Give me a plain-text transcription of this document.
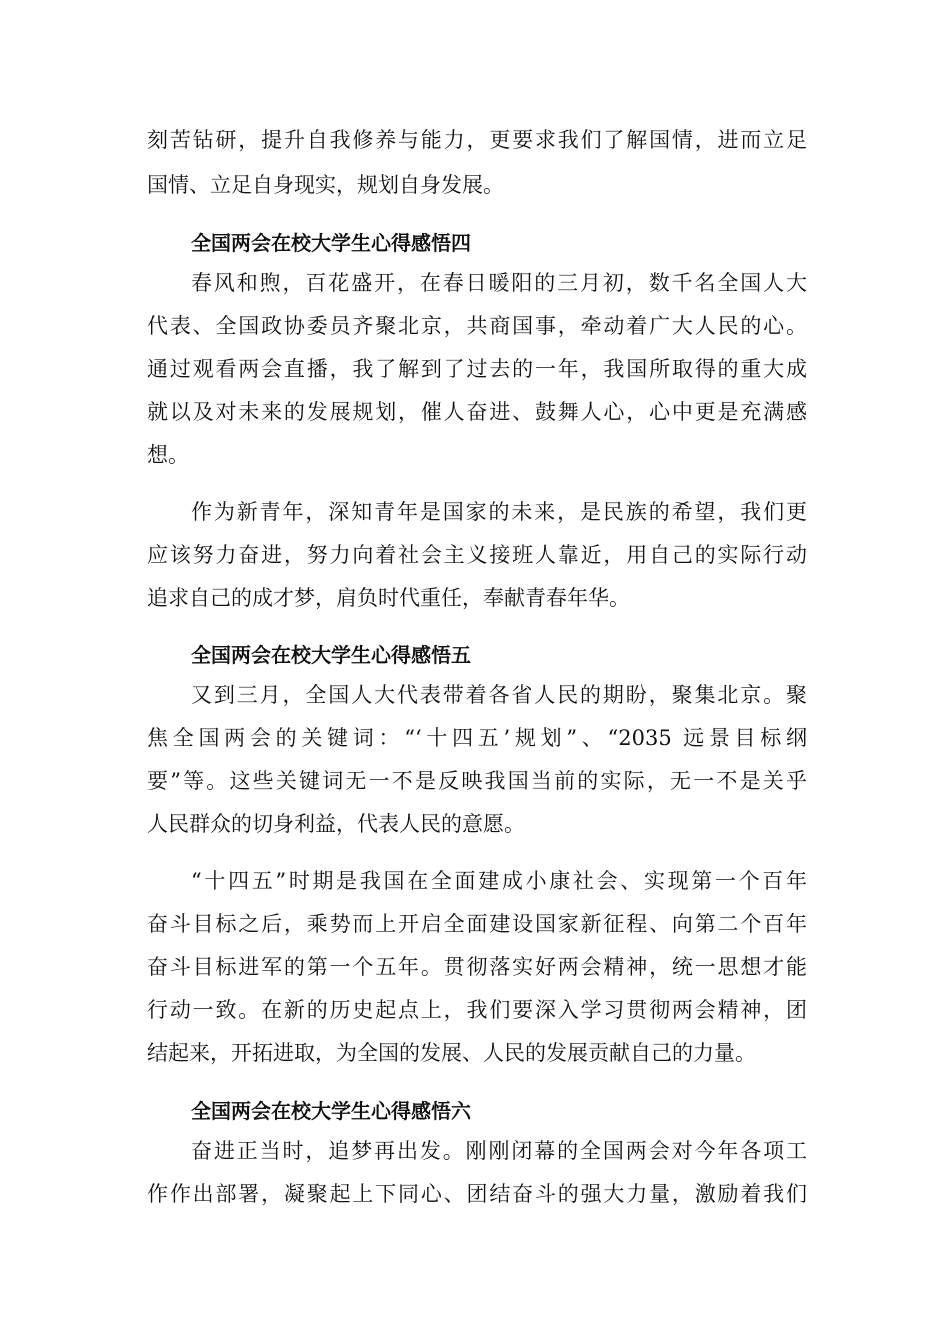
刻苦钻研，提升自我修养与能力，更要求我们了解国情，进而立足
国情、立足自身现实，规划自身发展。
全国两会在校大学生心得感悟四
春风和煦，百花盛开，在春日暖阳的三月初，数千名全国人大
代表、全国政协委员齐聚北京，共商国事，牵动着广大人民的心。
通过观看两会直播，我了解到了过去的一年，我国所取得的重大成
就以及对未来的发展规划，催人奋进、鼓舞人心，心中更是充满感
想。
作为新青年，深知青年是国家的未来，是民族的希望，我们更
应该努力奋进，努力向着社会主义接班人靠近，用自己的实际行动
追求自己的成才梦，肩负时代重任，奉献青春年华。
全国两会在校大学生心得感悟五
又到三月，全国人大代表带着各省人民的期盼，聚集北京。聚
焦全国两会的关键词：“‘十四五’规划”、“2035 远景目标纲
要”等。这些关键词无一不是反映我国当前的实际，无一不是关乎
人民群众的切身利益，代表人民的意愿。
“十四五”时期是我国在全面建成小康社会、实现第一个百年
奋斗目标之后，乘势而上开启全面建设国家新征程、向第二个百年
奋斗目标进军的第一个五年。贯彻落实好两会精神，统一思想才能
行动一致。在新的历史起点上，我们要深入学习贯彻两会精神，团
结起来，开拓进取，为全国的发展、人民的发展贡献自己的力量。
全国两会在校大学生心得感悟六
奋进正当时，追梦再出发。刚刚闭幕的全国两会对今年各项工
作作出部署，凝聚起上下同心、团结奋斗的强大力量，激励着我们
